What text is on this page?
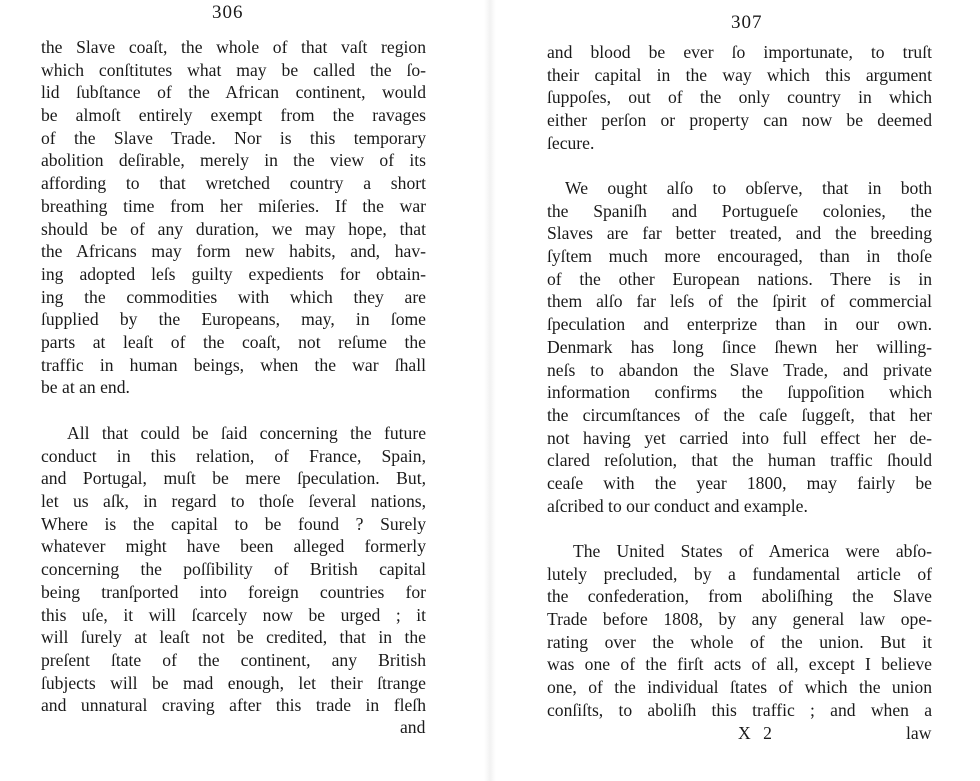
306
the Slave coaſt, the whole of that vaſt region
which conſtitutes what may be called the ſo-
lid ſubſtance of the African continent, would
be almoſt entirely exempt from the ravages
of the Slave Trade. Nor is this temporary
abolition deſirable, merely in the view of its
affording to that wretched country a short
breathing time from her miſeries. If the war
should be of any duration, we may hope, that
the Africans may form new habits, and, hav-
ing adopted leſs guilty expedients for obtain-
ing the commodities with which they are
ſupplied by the Europeans, may, in ſome
parts at leaſt of the coaſt, not reſume the
traffic in human beings, when the war ſhall
be at an end.
All that could be ſaid concerning the future
conduct in this relation, of France, Spain,
and Portugal, muſt be mere ſpeculation. But,
let us aſk, in regard to thoſe ſeveral nations,
Where is the capital to be found ? Surely
whatever might have been alleged formerly
concerning the poſſibility of British capital
being tranſported into foreign countries for
this uſe, it will ſcarcely now be urged ; it
will ſurely at leaſt not be credited, that in the
preſent ſtate of the continent, any British
ſubjects will be mad enough, let their ſtrange
and unnatural craving after this trade in fleſh
and
307
and blood be ever ſo importunate, to truſt
their capital in the way which this argument
ſuppoſes, out of the only country in which
either perſon or property can now be deemed
ſecure.
We ought alſo to obſerve, that in both
the Spaniſh and Portugueſe colonies, the
Slaves are far better treated, and the breeding
ſyſtem much more encouraged, than in thoſe
of the other European nations. There is in
them alſo far leſs of the ſpirit of commercial
ſpeculation and enterprize than in our own.
Denmark has long ſince ſhewn her willing-
neſs to abandon the Slave Trade, and private
information confirms the ſuppoſition which
the circumſtances of the caſe ſuggeſt, that her
not having yet carried into full effect her de-
clared reſolution, that the human traffic ſhould
ceaſe with the year 1800, may fairly be
aſcribed to our conduct and example.
The United States of America were abſo-
lutely precluded, by a fundamental article of
the confederation, from aboliſhing the Slave
Trade before 1808, by any general law ope-
rating over the whole of the union. But it
was one of the firſt acts of all, except I believe
one, of the individual ſtates of which the union
conſiſts, to aboliſh this traffic ; and when a
X 2	law
